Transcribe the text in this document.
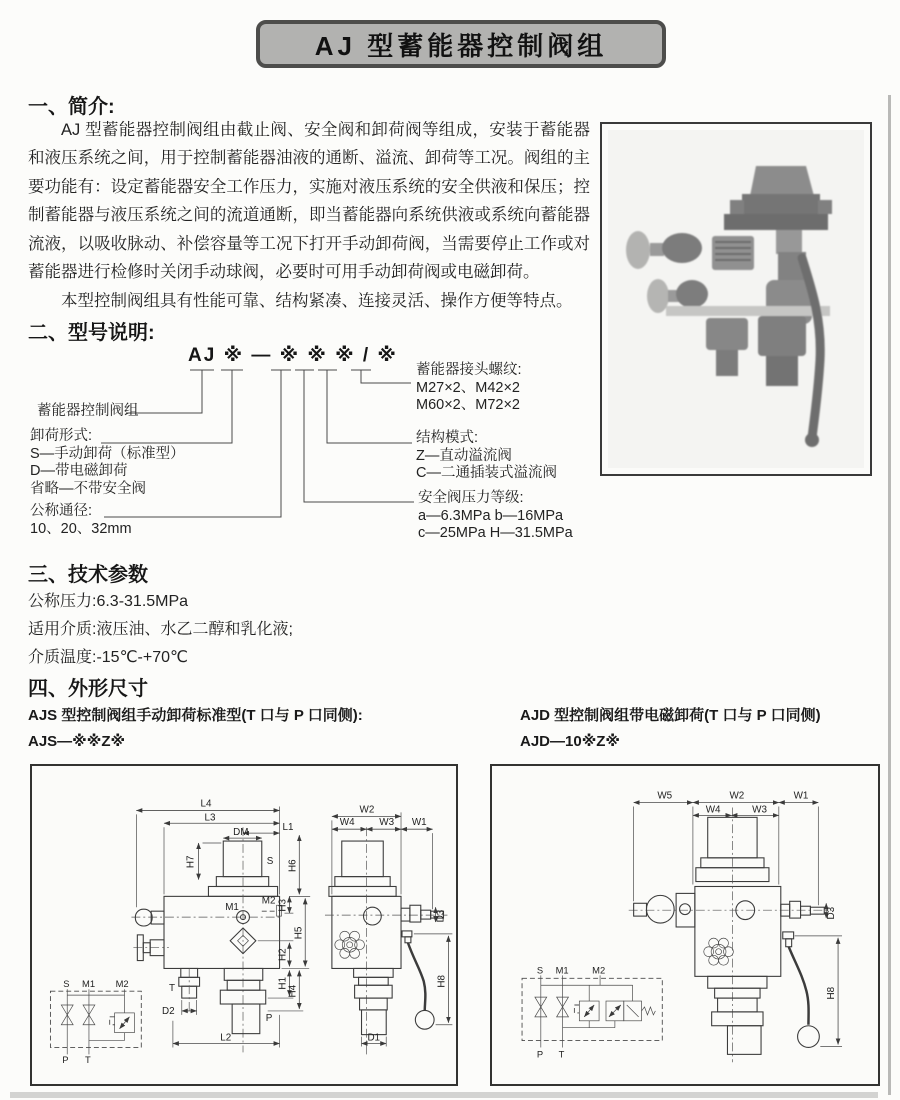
AJ 型蓄能器控制阀组
一、简介:
AJ 型蓄能器控制阀组由截止阀、安全阀和卸荷阀等组成，安装于蓄能器和液压系统之间，用于控制蓄能器油液的通断、溢流、卸荷等工况。阀组的主要功能有：设定蓄能器安全工作压力，实施对液压系统的安全供液和保压；控制蓄能器与液压系统之间的流道通断，即当蓄能器向系统供液或系统向蓄能器流液，以吸收脉动、补偿容量等工况下打开手动卸荷阀，当需要停止工作或对蓄能器进行检修时关闭手动球阀，必要时可用手动卸荷阀或电磁卸荷。
本型控制阀组具有性能可靠、结构紧凑、连接灵活、操作方便等特点。
二、型号说明:
AJ ※ — ※ ※ ※ / ※
蓄能器控制阀组
卸荷形式:
S—手动卸荷（标准型）
D—带电磁卸荷
省略—不带安全阀
公称通径:
10、20、32mm
蓄能器接头螺纹:
M27×2、M42×2
M60×2、M72×2
结构模式:
Z—直动溢流阀
C—二通插装式溢流阀
安全阀压力等级:
a—6.3MPa b—16MPa
c—25MPa H—31.5MPa
三、技术参数
公称压力:6.3-31.5MPa
适用介质:液压油、水乙二醇和乳化液;
介质温度:-15℃-+70℃
四、外形尺寸
AJS 型控制阀组手动卸荷标准型(T 口与 P 口同侧):
AJS—※※Z※
AJD 型控制阀组带电磁卸荷(T 口与 P 口同侧)
AJD—10※Z※
L4
L3
L1
DM
H7	S H6
M1
M2 H3
H5
H2
H1
H4
T
D2
P
L2
W2
W4 W3 W1
D3
H8
D1
S M1 M2
P T
W5	W2	W1
W4	W3
D3
H8
S M1 M2
P T
